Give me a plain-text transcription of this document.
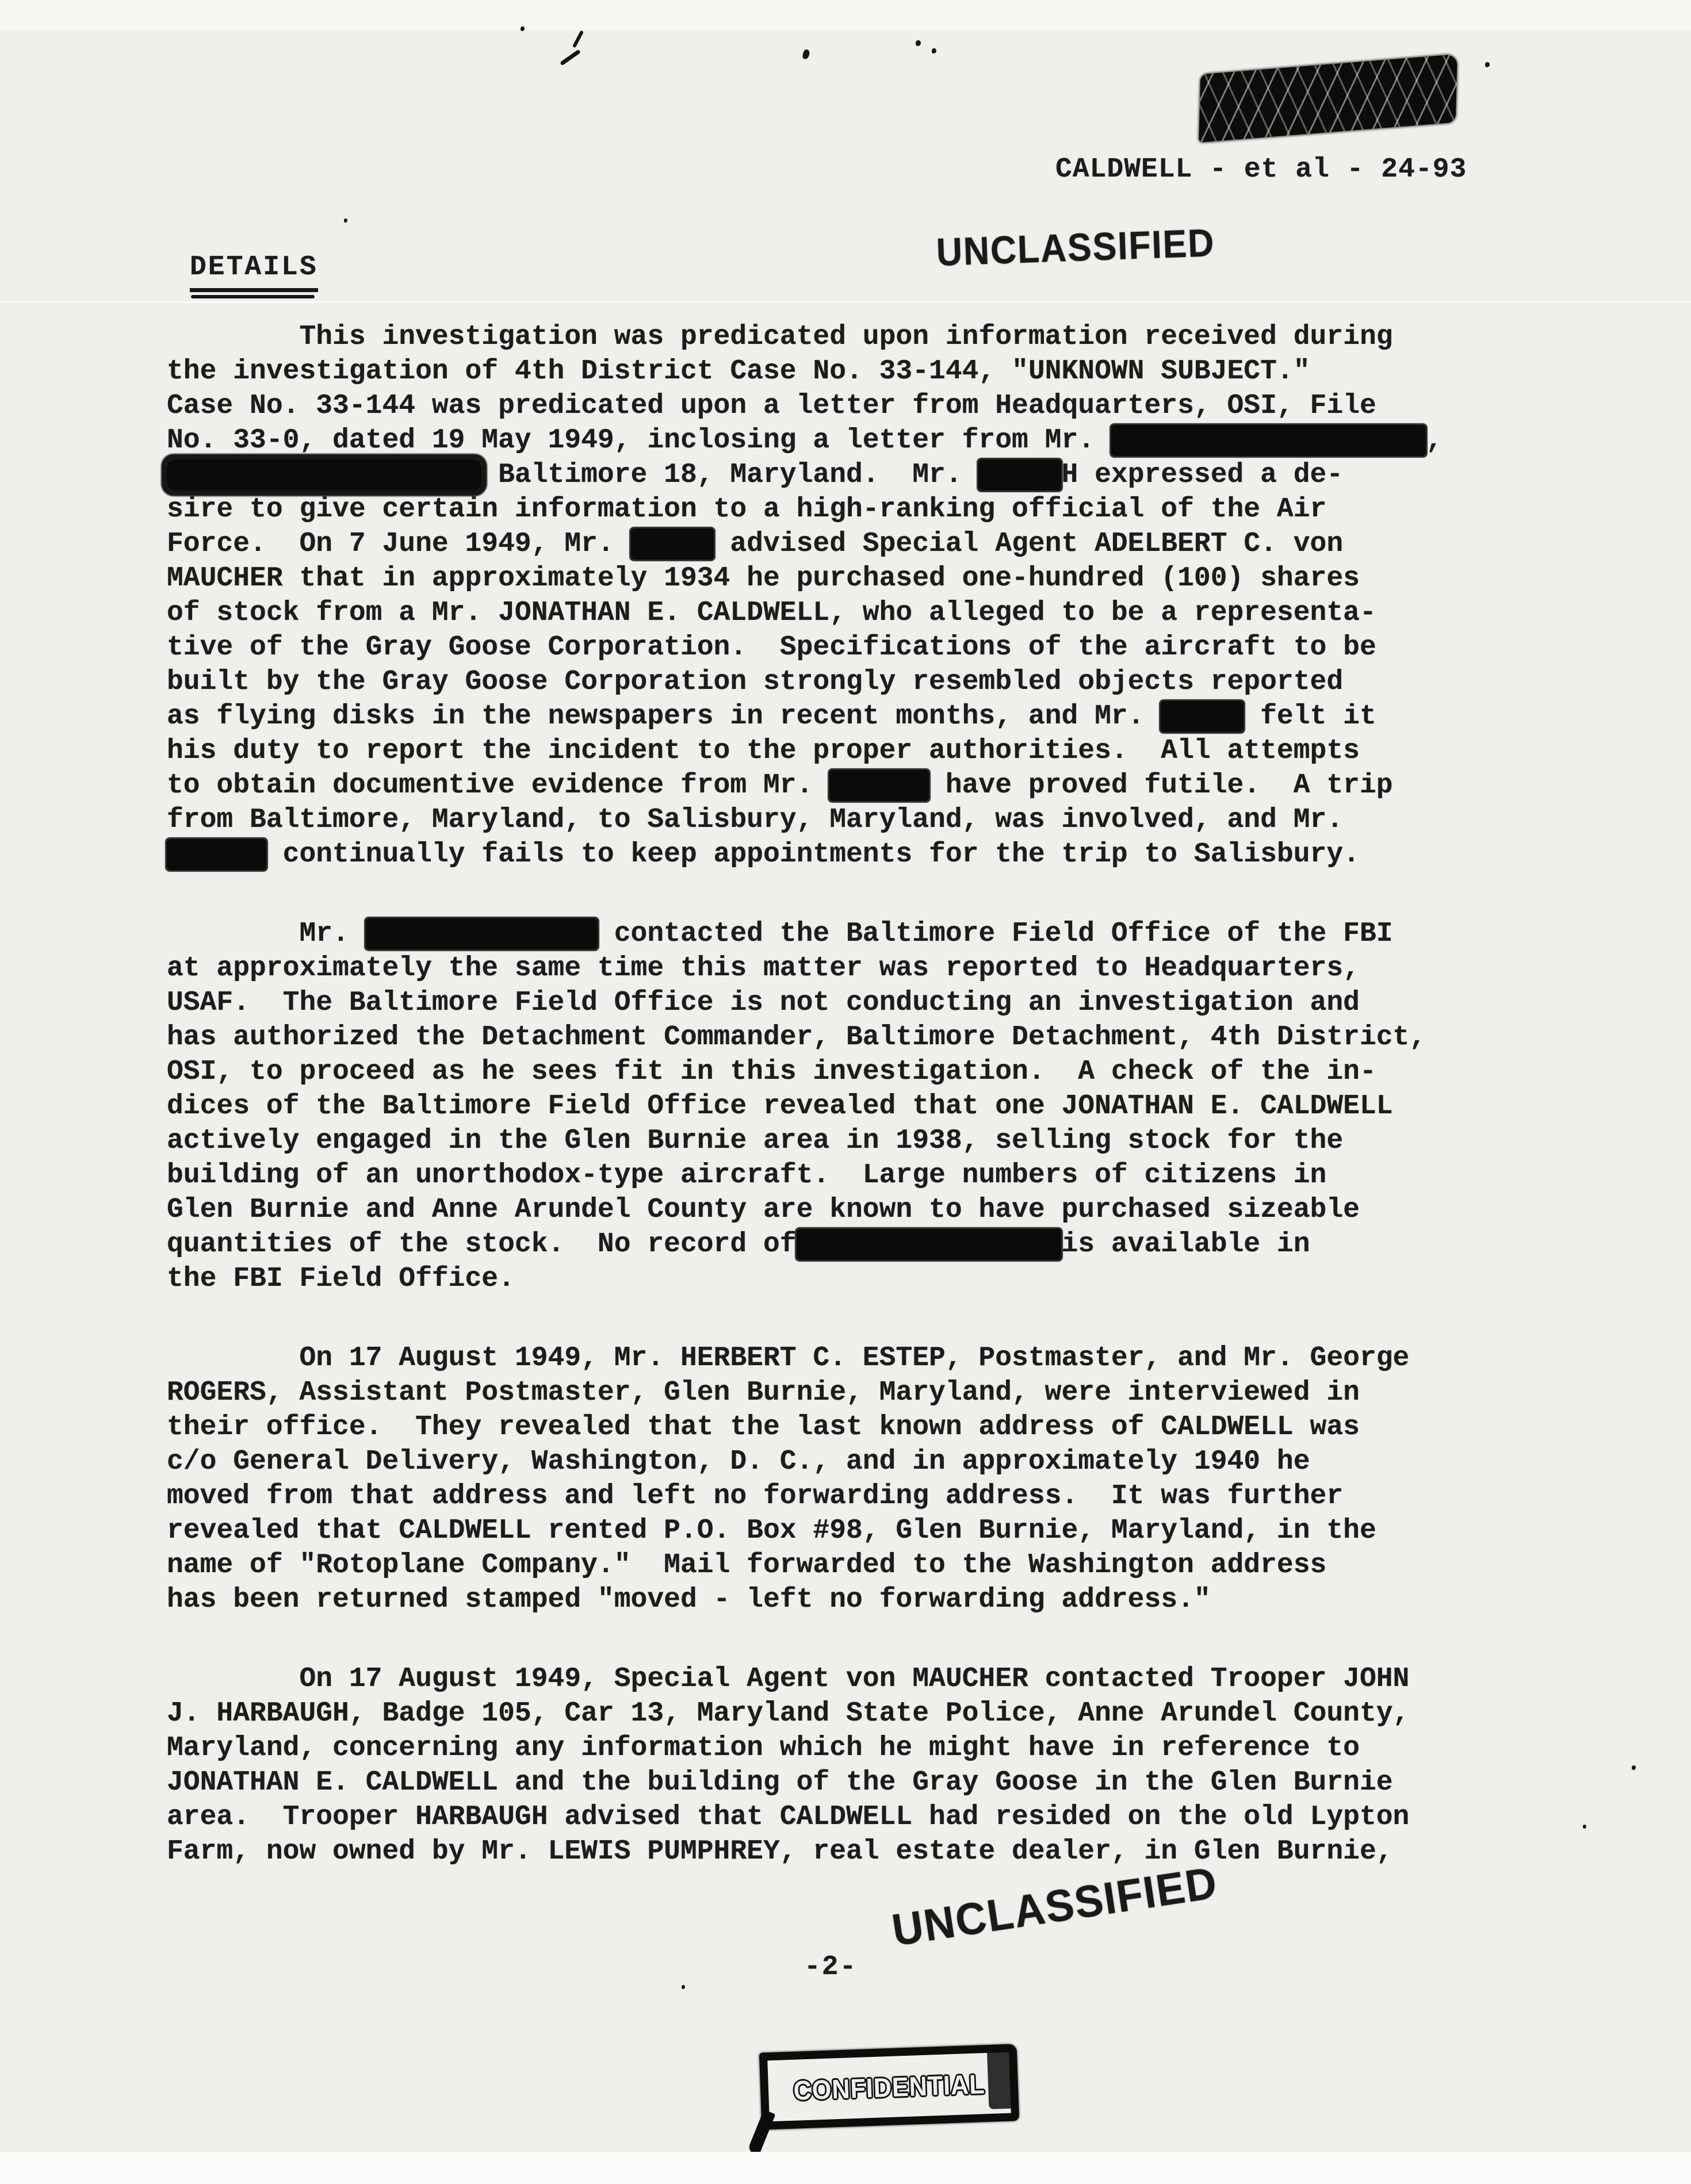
CALDWELL - et al - 24-93
DETAILS	UNCLASSIFIED
This investigation was predicated upon information received during
the investigation of 4th District Case No. 33-144, "UNKNOWN SUBJECT."
Case No. 33-144 was predicated upon a letter from Headquarters, OSI, File
No. 33-0, dated 19 May 1949, inclosing a letter from Mr.	,
Baltimore 18, Maryland.  Mr.	H expressed a de-
sire to give certain information to a high-ranking official of the Air
Force.  On 7 June 1949, Mr.	advised Special Agent ADELBERT C. von
MAUCHER that in approximately 1934 he purchased one-hundred (100) shares
of stock from a Mr. JONATHAN E. CALDWELL, who alleged to be a representa-
tive of the Gray Goose Corporation.  Specifications of the aircraft to be
built by the Gray Goose Corporation strongly resembled objects reported
as flying disks in the newspapers in recent months, and Mr.	felt it
his duty to report the incident to the proper authorities.  All attempts
to obtain documentive evidence from Mr.	have proved futile.  A trip
from Baltimore, Maryland, to Salisbury, Maryland, was involved, and Mr.
continually fails to keep appointments for the trip to Salisbury.
Mr.	contacted the Baltimore Field Office of the FBI
at approximately the same time this matter was reported to Headquarters,
USAF.  The Baltimore Field Office is not conducting an investigation and
has authorized the Detachment Commander, Baltimore Detachment, 4th District,
OSI, to proceed as he sees fit in this investigation.  A check of the in-
dices of the Baltimore Field Office revealed that one JONATHAN E. CALDWELL
actively engaged in the Glen Burnie area in 1938, selling stock for the
building of an unorthodox-type aircraft.  Large numbers of citizens in
Glen Burnie and Anne Arundel County are known to have purchased sizeable
quantities of the stock.  No record of	is available in
the FBI Field Office.
On 17 August 1949, Mr. HERBERT C. ESTEP, Postmaster, and Mr. George
ROGERS, Assistant Postmaster, Glen Burnie, Maryland, were interviewed in
their office.  They revealed that the last known address of CALDWELL was
c/o General Delivery, Washington, D. C., and in approximately 1940 he
moved from that address and left no forwarding address.  It was further
revealed that CALDWELL rented P.O. Box #98, Glen Burnie, Maryland, in the
name of "Rotoplane Company."  Mail forwarded to the Washington address
has been returned stamped "moved - left no forwarding address."
On 17 August 1949, Special Agent von MAUCHER contacted Trooper JOHN
J. HARBAUGH, Badge 105, Car 13, Maryland State Police, Anne Arundel County,
Maryland, concerning any information which he might have in reference to
JONATHAN E. CALDWELL and the building of the Gray Goose in the Glen Burnie
area.  Trooper HARBAUGH advised that CALDWELL had resided on the old Lypton
Farm, now owned by Mr. LEWIS PUMPHREY, real estate dealer, in Glen Burnie,
-2-
UNCLASSIFIED
CONFIDENTIAL
